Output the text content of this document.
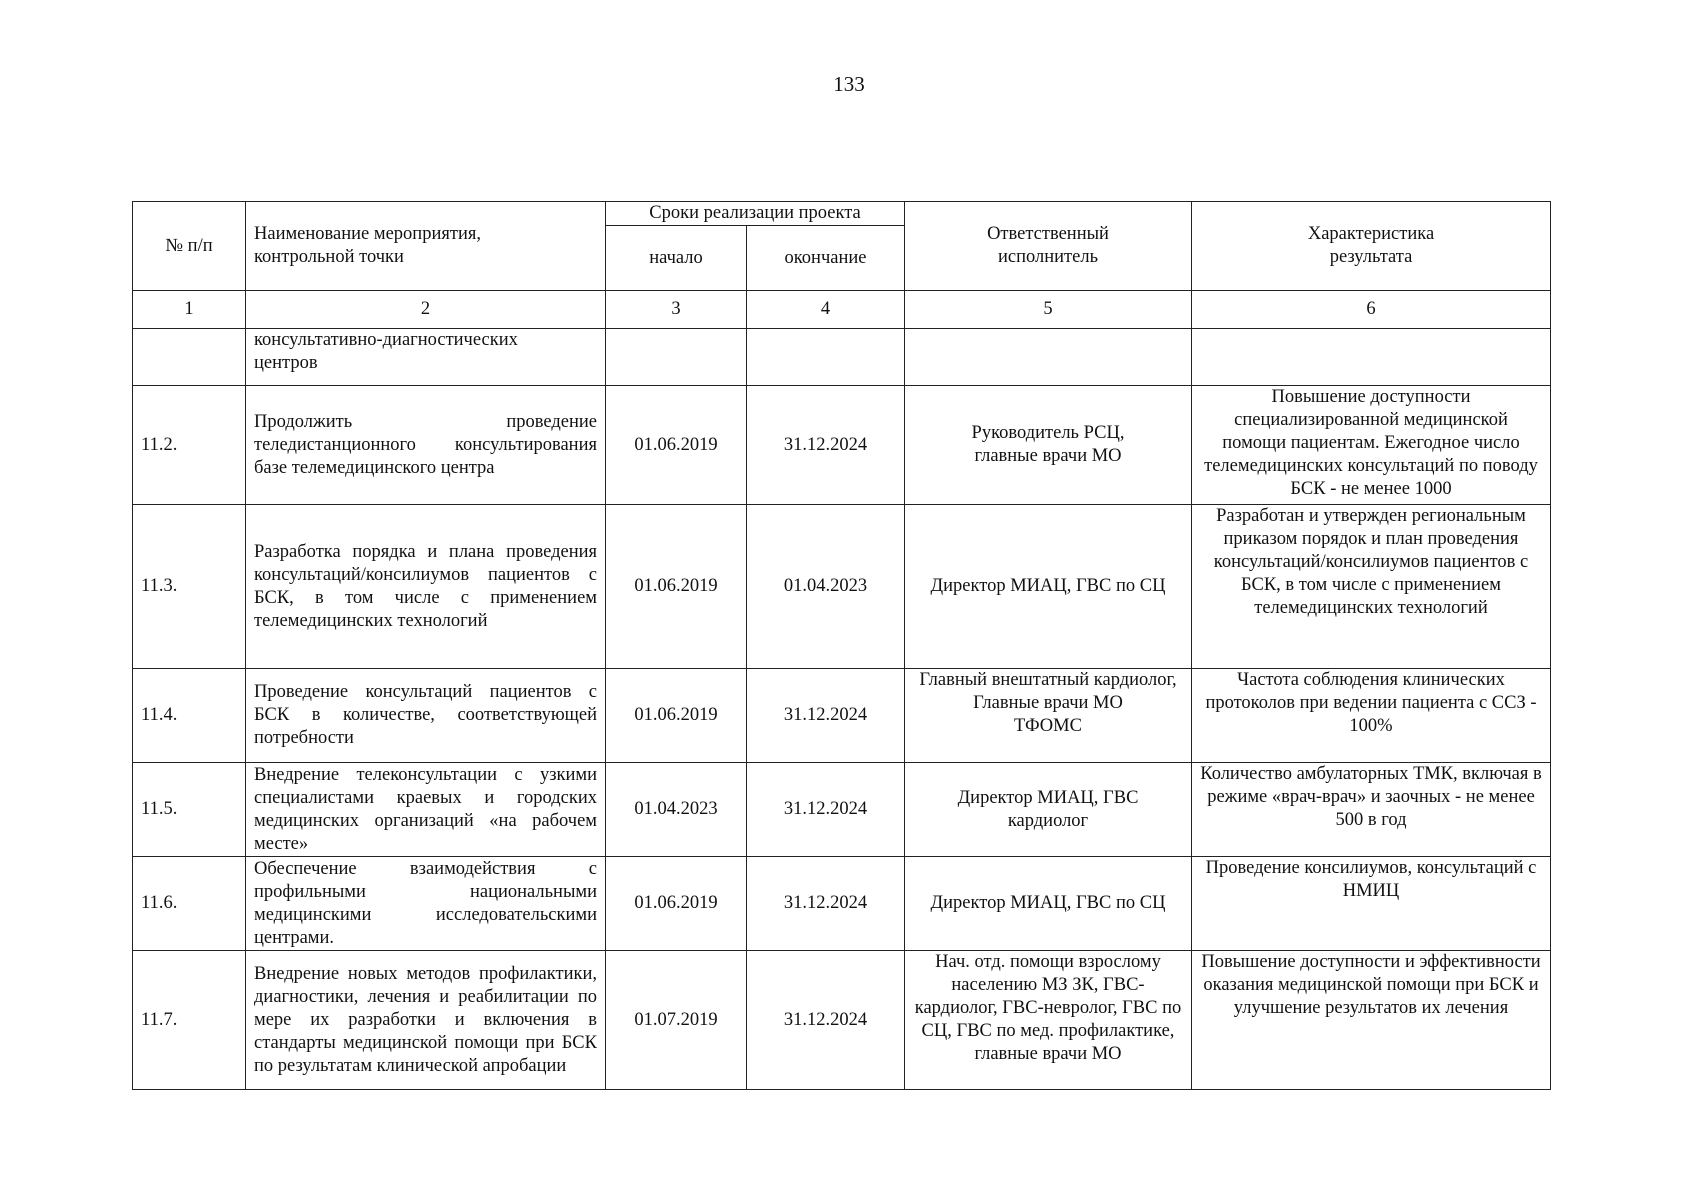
133
№ п/п	Наименование мероприятия,
контрольной точки	Сроки реализации проекта		Ответственный
исполнитель	Характеристика
результата
		начало	окончание		
1	2	3	4	5	6
	консультативно-диагностических
центров				
11.2.	Продолжить проведение теледистанционного консультирования базе телемедицинского центра	01.06.2019	31.12.2024	Руководитель РСЦ,
главные врачи МО	Повышение доступности специализированной медицинской помощи пациентам. Ежегодное число телемедицинских консультаций по поводу БСК - не менее 1000
11.3.	Разработка порядка и плана проведения консультаций/консилиумов пациентов с БСК, в том числе с применением телемедицинских технологий	01.06.2019	01.04.2023	Директор МИАЦ, ГВС по СЦ	Разработан и утвержден региональным приказом порядок и план проведения консультаций/консилиумов пациентов с БСК, в том числе с применением телемедицинских технологий
11.4.	Проведение консультаций пациентов с БСК в количестве, соответствующей потребности	01.06.2019	31.12.2024	Главный внештатный кардиолог,
Главные врачи МО
ТФОМС	Частота соблюдения клинических протоколов при ведении пациента с ССЗ - 100%
11.5.	Внедрение телеконсультации с узкими специалистами краевых и городских медицинских организаций «на рабочем месте»	01.04.2023	31.12.2024	Директор МИАЦ, ГВС
кардиолог	Количество амбулаторных ТМК, включая в режиме «врач-врач» и заочных - не менее 500 в год
11.6.	Обеспечение взаимодействия с профильными национальными медицинскими исследовательскими центрами.	01.06.2019	31.12.2024	Директор МИАЦ, ГВС по СЦ	Проведение консилиумов, консультаций с НМИЦ
11.7.	Внедрение новых методов профилактики, диагностики, лечения и реабилитации по мере их разработки и включения в стандарты медицинской помощи при БСК по результатам клинической апробации	01.07.2019	31.12.2024	Нач. отд. помощи взрослому населению МЗ ЗК, ГВС-кардиолог, ГВС-невролог, ГВС по СЦ, ГВС по мед. профилактике, главные врачи МО	Повышение доступности и эффективности оказания медицинской помощи при БСК и улучшение результатов их лечения
